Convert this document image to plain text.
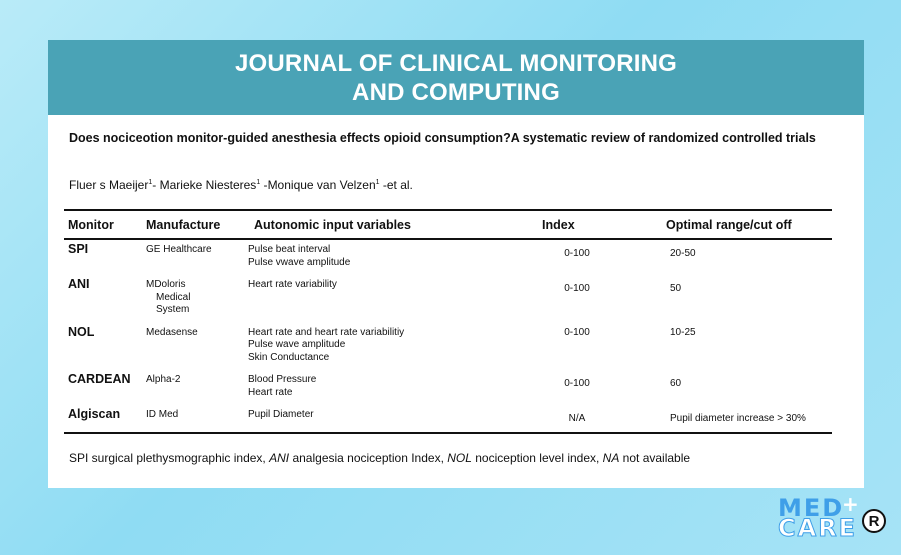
JOURNAL OF CLINICAL MONITORING
AND COMPUTING
Does nociceotion monitor-guided anesthesia effects opioid consumption?A systematic review of randomized controlled trials
Fluer s Maeijer$^1$- Marieke Niesteres$^1$ -Monique van Velzen$^1$ -et al.
Monitor	Manufacture	Autonomic input variables	Index	Optimal range/cut off
SPI	GE Healthcare	Pulse beat interval
Pulse vwave amplitude	0-100	20-50
ANI	MDoloris
Medical
System	Heart rate variability	0-100	50
NOL	Medasense	Heart rate and heart rate variabilitiy
Pulse wave amplitude
Skin Conductance	0-100	10-25
CARDEAN	Alpha-2	Blood Pressure
Heart rate	0-100	60
Algiscan	ID Med	Pupil Diameter	N/A	Pupil diameter increase > 30%
SPI surgical plethysmographic index, ANI analgesia nociception Index, NOL nociception level index, NA not available
MED
CARE
+
R
